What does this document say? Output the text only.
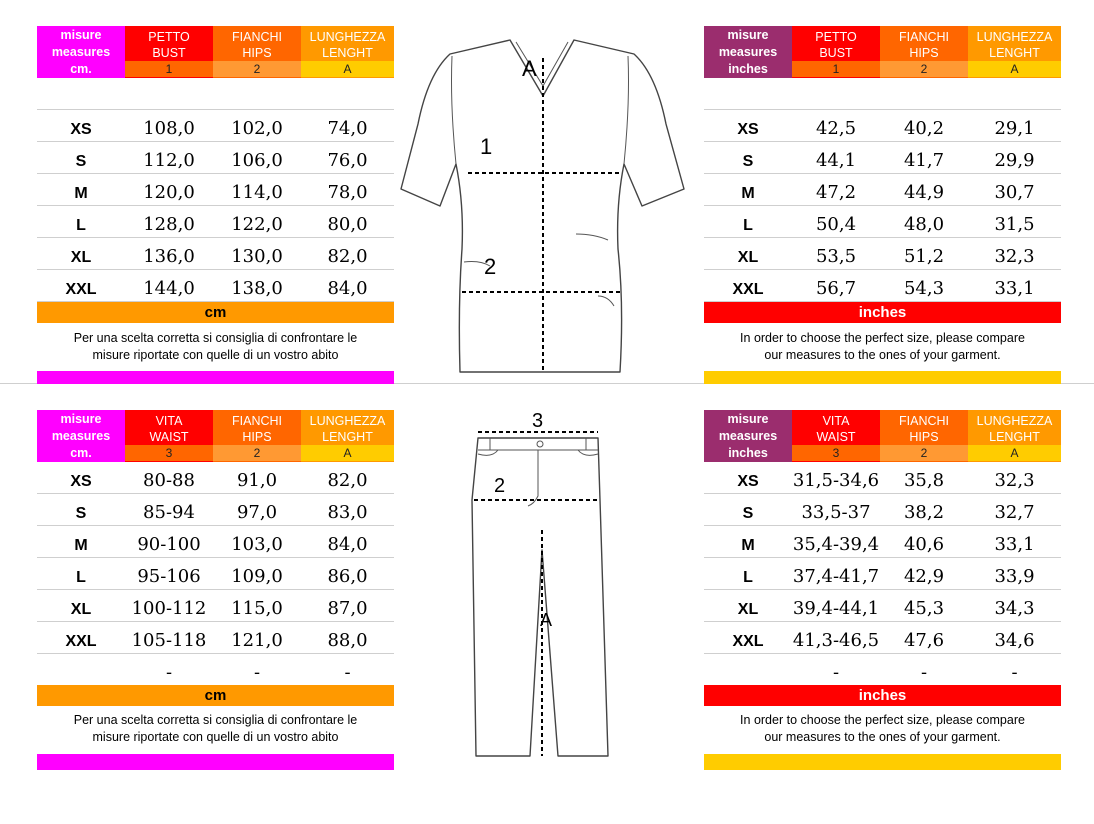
misure
measures
cm.
PETTO
BUST
1
FIANCHI
HIPS
2
LUNGHEZZA
LENGHT
A
XS	108,0	102,0	74,0
S	112,0	106,0	76,0
M	120,0	114,0	78,0
L	128,0	122,0	80,0
XL	136,0	130,0	82,0
XXL	144,0	138,0	84,0
cm
Per una scelta corretta si consiglia di confrontare le
misure riportate con quelle di un vostro abito
misure
measures
inches
PETTO
BUST
1
FIANCHI
HIPS
2
LUNGHEZZA
LENGHT
A
XS	42,5	40,2	29,1
S	44,1	41,7	29,9
M	47,2	44,9	30,7
L	50,4	48,0	31,5
XL	53,5	51,2	32,3
XXL	56,7	54,3	33,1
inches
In order to choose the perfect size, please compare
our measures to the ones of your garment.
misure
measures
cm.
VITA
WAIST
3
FIANCHI
HIPS
2
LUNGHEZZA
LENGHT
A
XS	80-88	91,0	82,0
S	85-94	97,0	83,0
M	90-100	103,0	84,0
L	95-106	109,0	86,0
XL	100-112	115,0	87,0
XXL	105-118	121,0	88,0
-	-	-
cm
Per una scelta corretta si consiglia di confrontare le
misure riportate con quelle di un vostro abito
misure
measures
inches
VITA
WAIST
3
FIANCHI
HIPS
2
LUNGHEZZA
LENGHT
A
XS	31,5-34,6	35,8	32,3
S	33,5-37	38,2	32,7
M	35,4-39,4	40,6	33,1
L	37,4-41,7	42,9	33,9
XL	39,4-44,1	45,3	34,3
XXL	41,3-46,5	47,6	34,6
-	-	-
inches
In order to choose the perfect size, please compare
our measures to the ones of your garment.
A
1
2
3
2
A
